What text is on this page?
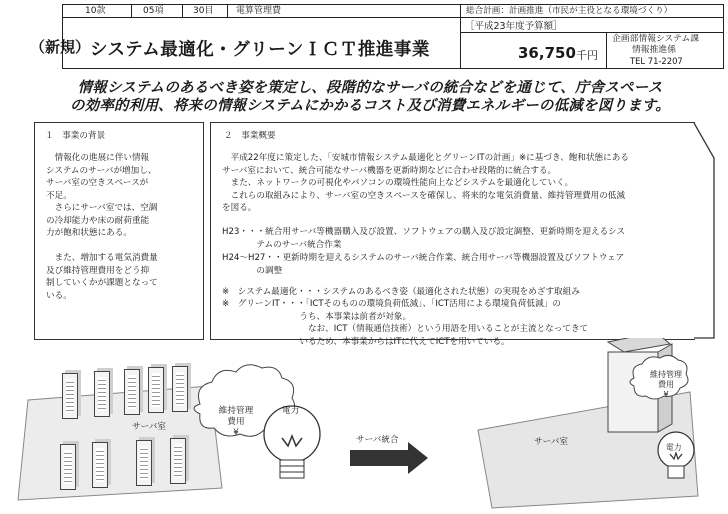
10款	05項	30目	電算管理費	総合計画：計画推進（市民が主役となる環境づくり）
（新規） システム最適化・グリーンＩＣＴ推進事業
［平成23年度予算額］
36,750 千円
企画部情報システム課
情報推進係
TEL 71-2207
情報システムのあるべき姿を策定し、段階的なサーバの統合などを通じて、庁舎スペース
の効率的利用、将来の情報システムにかかるコスト及び消費エネルギーの低減を図ります。
１　事業の背景
　情報化の進展に伴い情報
システムのサーバが増加し、
サーバ室の空きスペースが
不足。
　さらにサーバ室では、空調
の冷却能力や床の耐荷重能
力が飽和状態にある。
　また、増加する電気消費量
及び維持管理費用をどう抑
制していくかが課題となって
いる。
２　事業概要
　平成22年度に策定した、「安城市情報システム最適化とグリーンITの計画」※に基づき、飽和状態にある
サーバ室において、統合可能なサーバ機器を更新時期などに合わせ段階的に統合する。
　また、ネットワークの可視化やパソコンの環境性能向上などシステムを最適化していく。
　これらの取組みにより、サーバ室の空きスペースを確保し、将来的な電気消費量、維持管理費用の低減
を図る。
H23・・・統合用サーバ等機器購入及び設置、ソフトウェアの購入及び設定調整、更新時期を迎えるシス
　　　　テムのサーバ統合作業
H24～H27・・更新時期を迎えるシステムのサーバ統合作業、統合用サーバ等機器設置及びソフトウェア
　　　　の調整
※　システム最適化・・・システムのあるべき姿（最適化された状態）の実現をめざす取組み
※　グリーンIT・・・「ICTそのものの環境負荷低減」、「ICT活用による環境負荷低減」の
　　　　　　　　　うち、本事業は前者が対象。
　　　　　　　　　　なお、ICT（情報通信技術）という用語を用いることが主流となってきて
　　　　　　　　　いるため、本事業からはITに代えてICTを用いている。
サーバ室
サーバ室
サーバ統合
維持管理
費用
¥
維持管理
費用
¥
電力
電力
